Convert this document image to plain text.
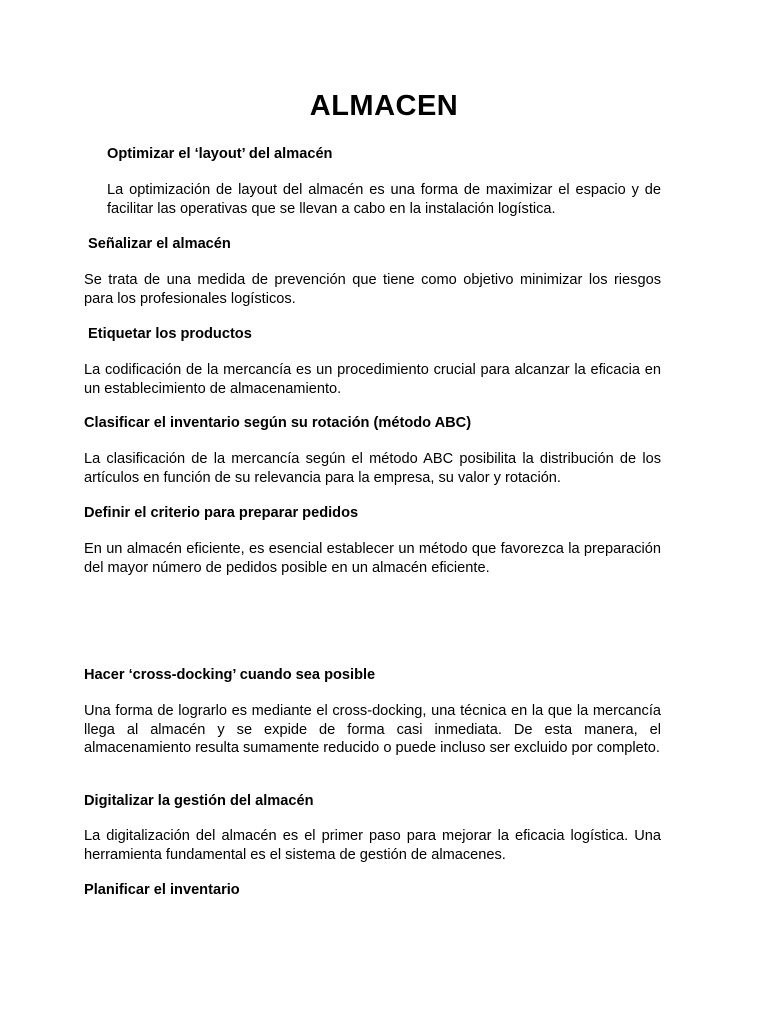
ALMACEN
Optimizar el ‘layout’ del almacén
La optimización de layout del almacén es una forma de maximizar el espacio y de facilitar las operativas que se llevan a cabo en la instalación logística.
Señalizar el almacén
Se trata de una medida de prevención que tiene como objetivo minimizar los riesgos para los profesionales logísticos.
Etiquetar los productos
La codificación de la mercancía es un procedimiento crucial para alcanzar la eficacia en un establecimiento de almacenamiento.
Clasificar el inventario según su rotación (método ABC)
La clasificación de la mercancía según el método ABC posibilita la distribución de los artículos en función de su relevancia para la empresa, su valor y rotación.
Definir el criterio para preparar pedidos
En un almacén eficiente, es esencial establecer un método que favorezca la preparación del mayor número de pedidos posible en un almacén eficiente.
Hacer ‘cross-docking’ cuando sea posible
Una forma de lograrlo es mediante el cross-docking, una técnica en la que la mercancía llega al almacén y se expide de forma casi inmediata. De esta manera, el almacenamiento resulta sumamente reducido o puede incluso ser excluido por completo.
Digitalizar la gestión del almacén
La digitalización del almacén es el primer paso para mejorar la eficacia logística. Una herramienta fundamental es el sistema de gestión de almacenes.
Planificar el inventario
